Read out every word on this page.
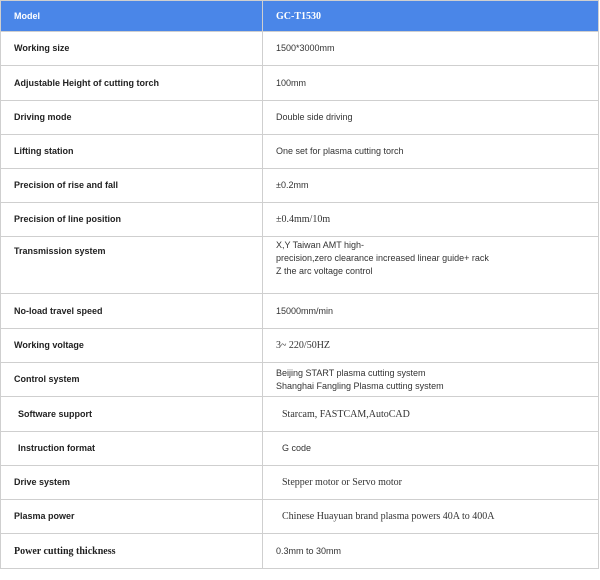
Model	GC-T1530
Working size	1500*3000mm

Adjustable Height of cutting torch	100mm

Driving mode	Double side driving

Lifting station	One set for plasma cutting torch

Precision of rise and fall	±0.2mm

Precision of line position	±0.4mm/10m

Transmission system	X,Y Taiwan AMT high-
precision,zero clearance increased linear guide+ rack
Z the arc voltage control

No-load travel speed	15000mm/min

Working voltage	3~ 220/50HZ

Control system	Beijing START plasma cutting system
Shanghai Fangling Plasma cutting system

Software support	Starcam, FASTCAM,AutoCAD

Instruction format	G code

Drive system	Stepper motor or Servo motor

Plasma power	Chinese Huayuan brand plasma powers 40A to 400A

Power cutting thickness	0.3mm to 30mm
